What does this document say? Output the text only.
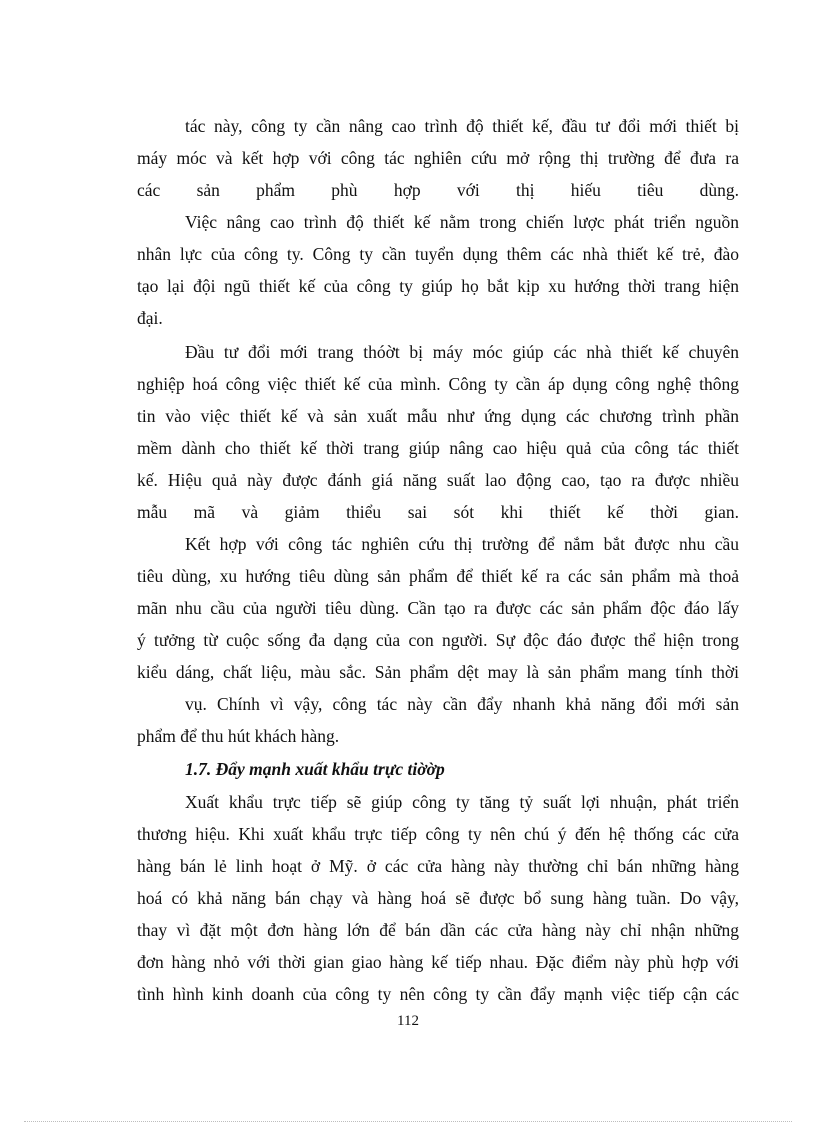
tác này, công ty cần nâng cao trình độ thiết kế, đầu tư đổi mới thiết bị
máy móc và kết hợp với công tác nghiên cứu mở rộng thị trường để đưa ra
các sản phẩm phù hợp với thị hiếu tiêu dùng.
Việc nâng cao trình độ thiết kế nằm trong chiến lược phát triển nguồn
nhân lực của công ty. Công ty cần tuyển dụng thêm các nhà thiết kế trẻ, đào
tạo lại đội ngũ thiết kế của công ty giúp họ bắt kịp xu hướng thời trang hiện
đại.
Đầu tư đổi mới trang thóờt bị máy móc giúp các nhà thiết kế chuyên
nghiệp hoá công việc thiết kế của mình. Công ty cần áp dụng công nghệ thông
tin vào việc thiết kế và sản xuất mẫu như ứng dụng các chương trình phần
mềm dành cho thiết kế thời trang giúp nâng cao hiệu quả của công tác thiết
kế. Hiệu quả này được đánh giá năng suất lao động cao, tạo ra được nhiều
mẫu mã và giảm thiểu sai sót khi thiết kế thời gian.
Kết hợp với công tác nghiên cứu thị trường để nắm bắt được nhu cầu
tiêu dùng, xu hướng tiêu dùng sản phẩm để thiết kế ra các sản phẩm mà thoả
mãn nhu cầu của người tiêu dùng. Cần tạo ra được các sản phẩm độc đáo lấy
ý tưởng từ cuộc sống đa dạng của con người. Sự độc đáo được thể hiện trong
kiểu dáng, chất liệu, màu sắc. Sản phẩm dệt may là sản phẩm mang tính thời
vụ. Chính vì vậy, công tác này cần đẩy nhanh khả năng đổi mới sản
phẩm để thu hút khách hàng.
1.7. Đẩy mạnh xuất khẩu trực tiờờp
Xuất khẩu trực tiếp sẽ giúp công ty tăng tỷ suất lợi nhuận, phát triển
thương hiệu. Khi xuất khẩu trực tiếp công ty nên chú ý đến hệ thống các cửa
hàng bán lẻ linh hoạt ở Mỹ. ở các cửa hàng này thường chỉ bán những hàng
hoá có khả năng bán chạy và hàng hoá sẽ được bổ sung hàng tuần. Do vậy,
thay vì đặt một đơn hàng lớn để bán dần các cửa hàng này chỉ nhận những
đơn hàng nhỏ với thời gian giao hàng kế tiếp nhau. Đặc điểm này phù hợp với
tình hình kinh doanh của công ty nên công ty cần đẩy mạnh việc tiếp cận các
112
